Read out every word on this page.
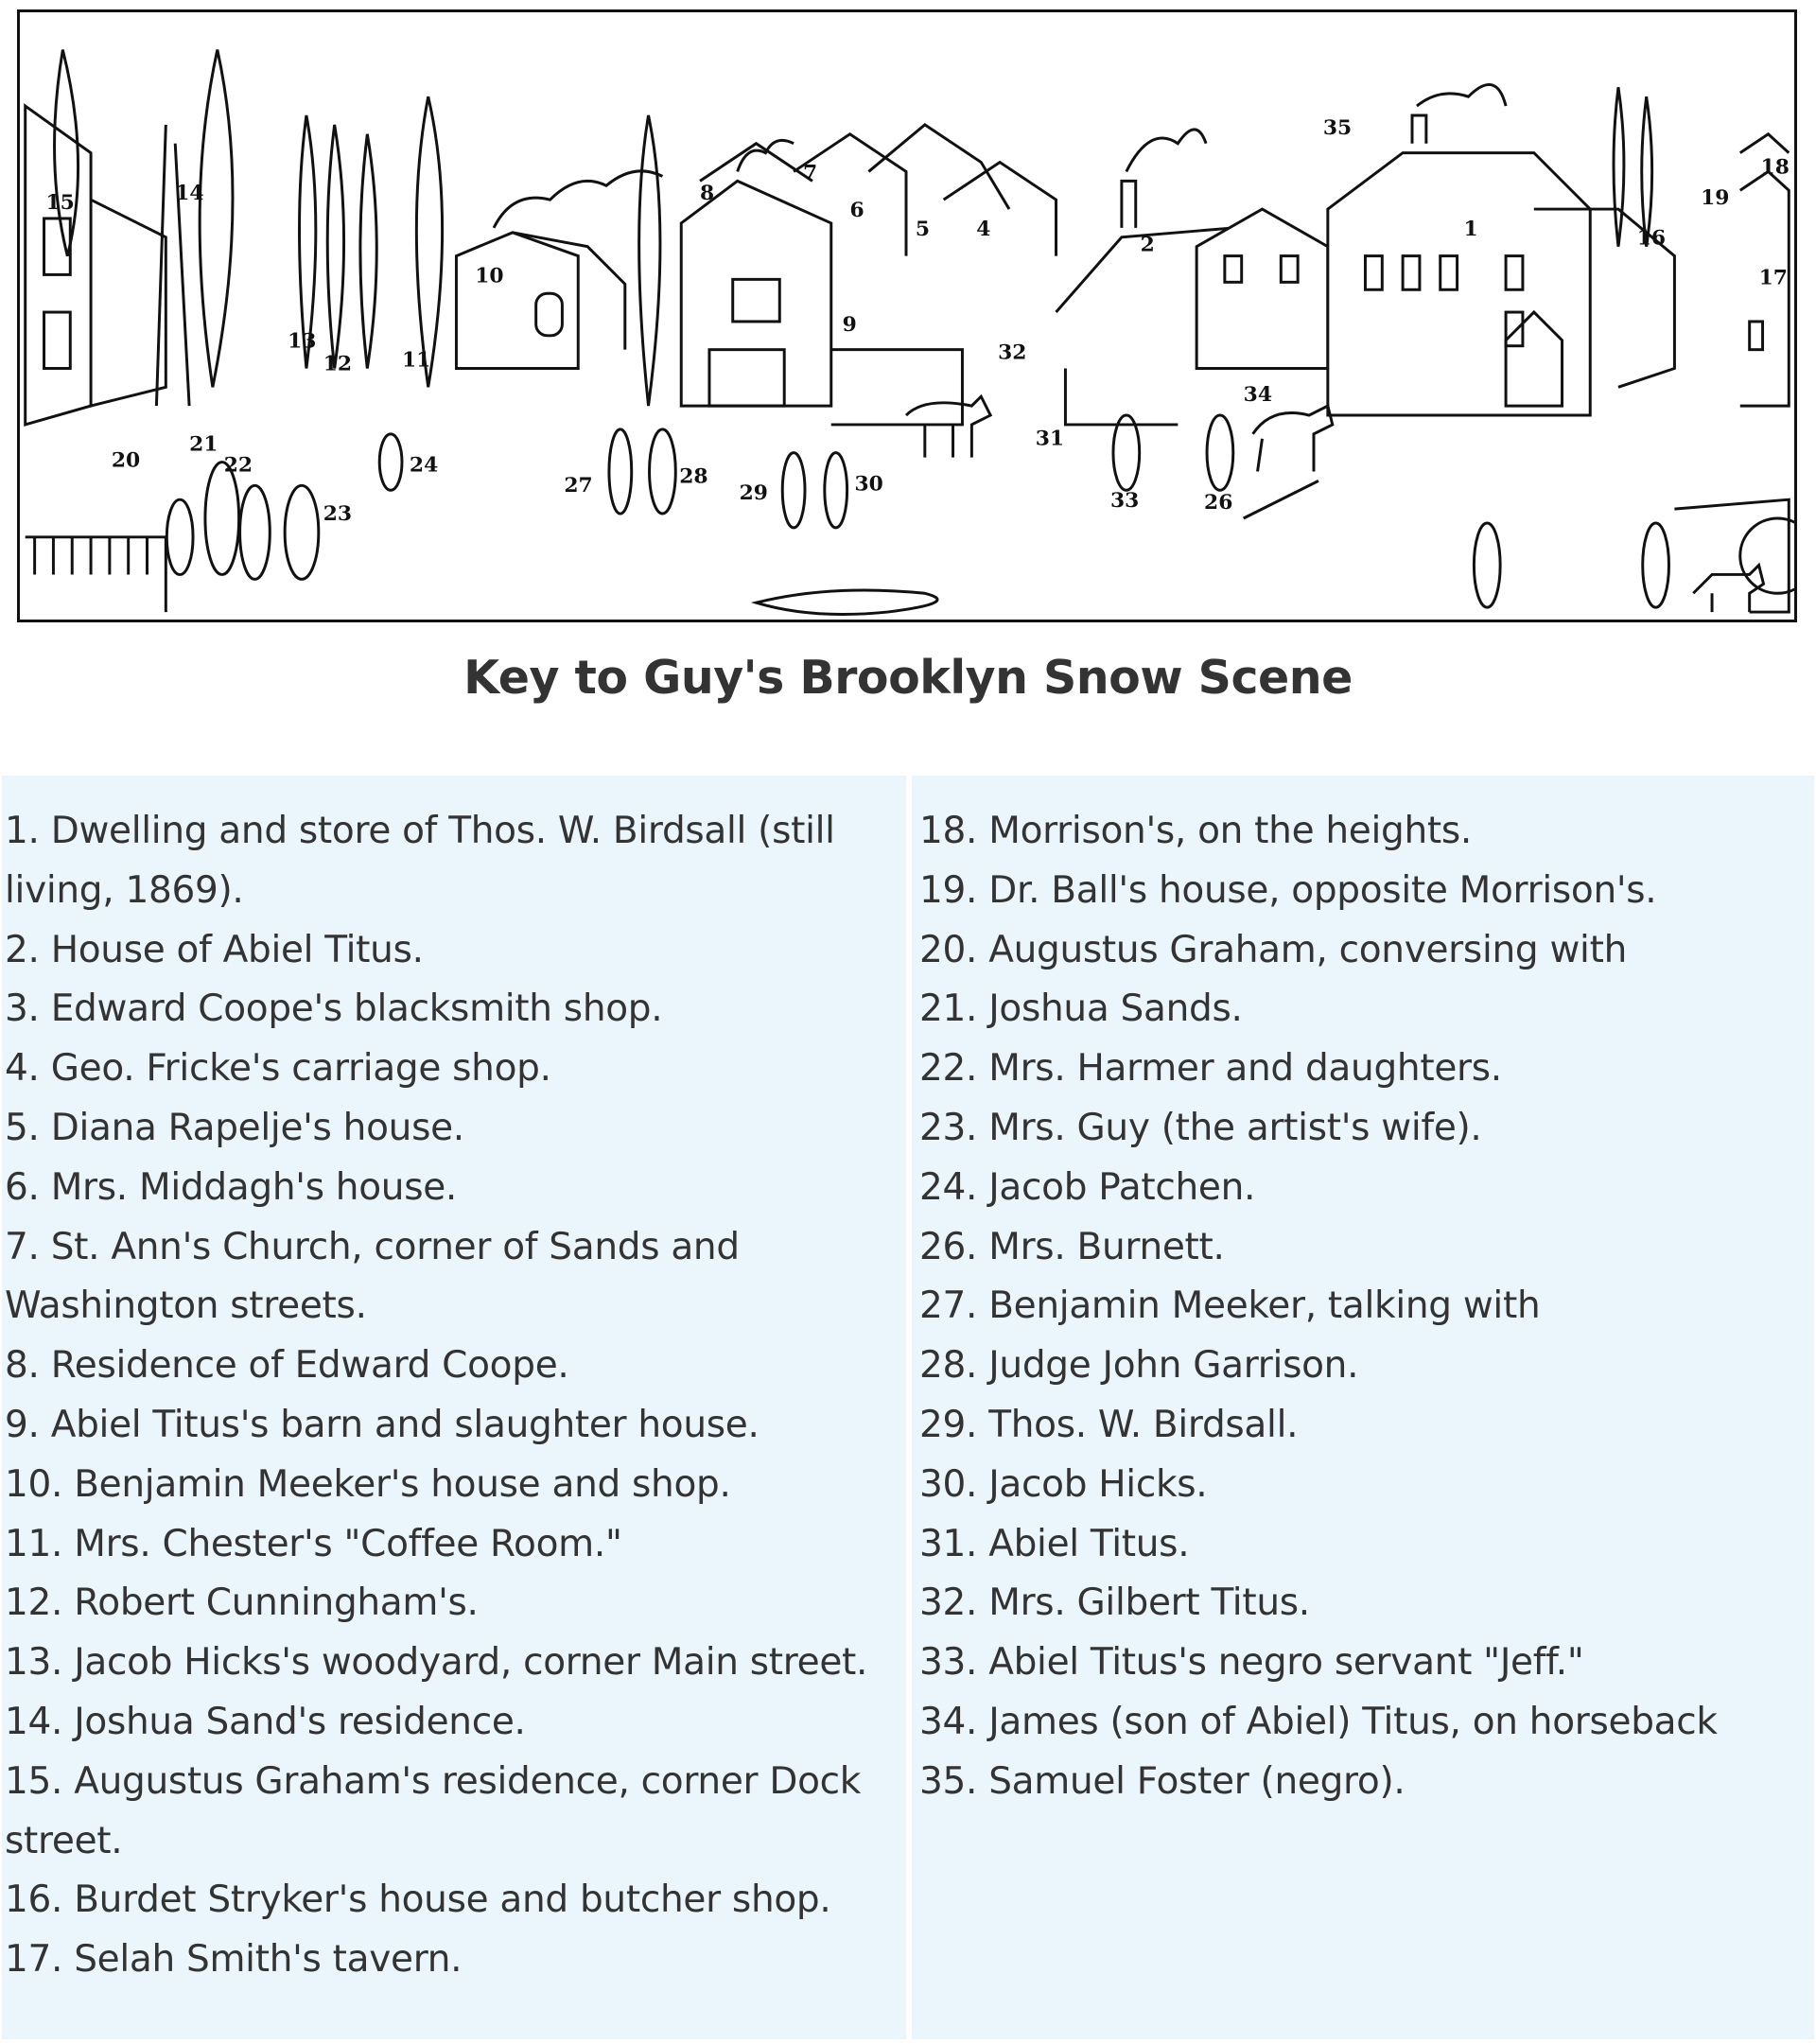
15	14
1
2
4
5
6
7
8
9
10
11
12
13
16
17
18
19
20
21
22
23
24
26
27	28
29	30
31
32
33
34
35
Key to Guy's Brooklyn Snow Scene
1. Dwelling and store of Thos. W. Birdsall (still living, 1869).
2. House of Abiel Titus.
3. Edward Coope's blacksmith shop.
4. Geo. Fricke's carriage shop.
5. Diana Rapelje's house.
6. Mrs. Middagh's house.
7. St. Ann's Church, corner of Sands and Washington streets.
8. Residence of Edward Coope.
9. Abiel Titus's barn and slaughter house.
10. Benjamin Meeker's house and shop.
11. Mrs. Chester's "Coffee Room."
12. Robert Cunningham's.
13. Jacob Hicks's woodyard, corner Main street.
14. Joshua Sand's residence.
15. Augustus Graham's residence, corner Dock street.
16. Burdet Stryker's house and butcher shop.
17. Selah Smith's tavern.
18. Morrison's, on the heights.
19. Dr. Ball's house, opposite Morrison's.
20. Augustus Graham, conversing with
21. Joshua Sands.
22. Mrs. Harmer and daughters.
23. Mrs. Guy (the artist's wife).
24. Jacob Patchen.
26. Mrs. Burnett.
27. Benjamin Meeker, talking with
28. Judge John Garrison.
29. Thos. W. Birdsall.
30. Jacob Hicks.
31. Abiel Titus.
32. Mrs. Gilbert Titus.
33. Abiel Titus's negro servant "Jeff."
34. James (son of Abiel) Titus, on horseback
35. Samuel Foster (negro).
